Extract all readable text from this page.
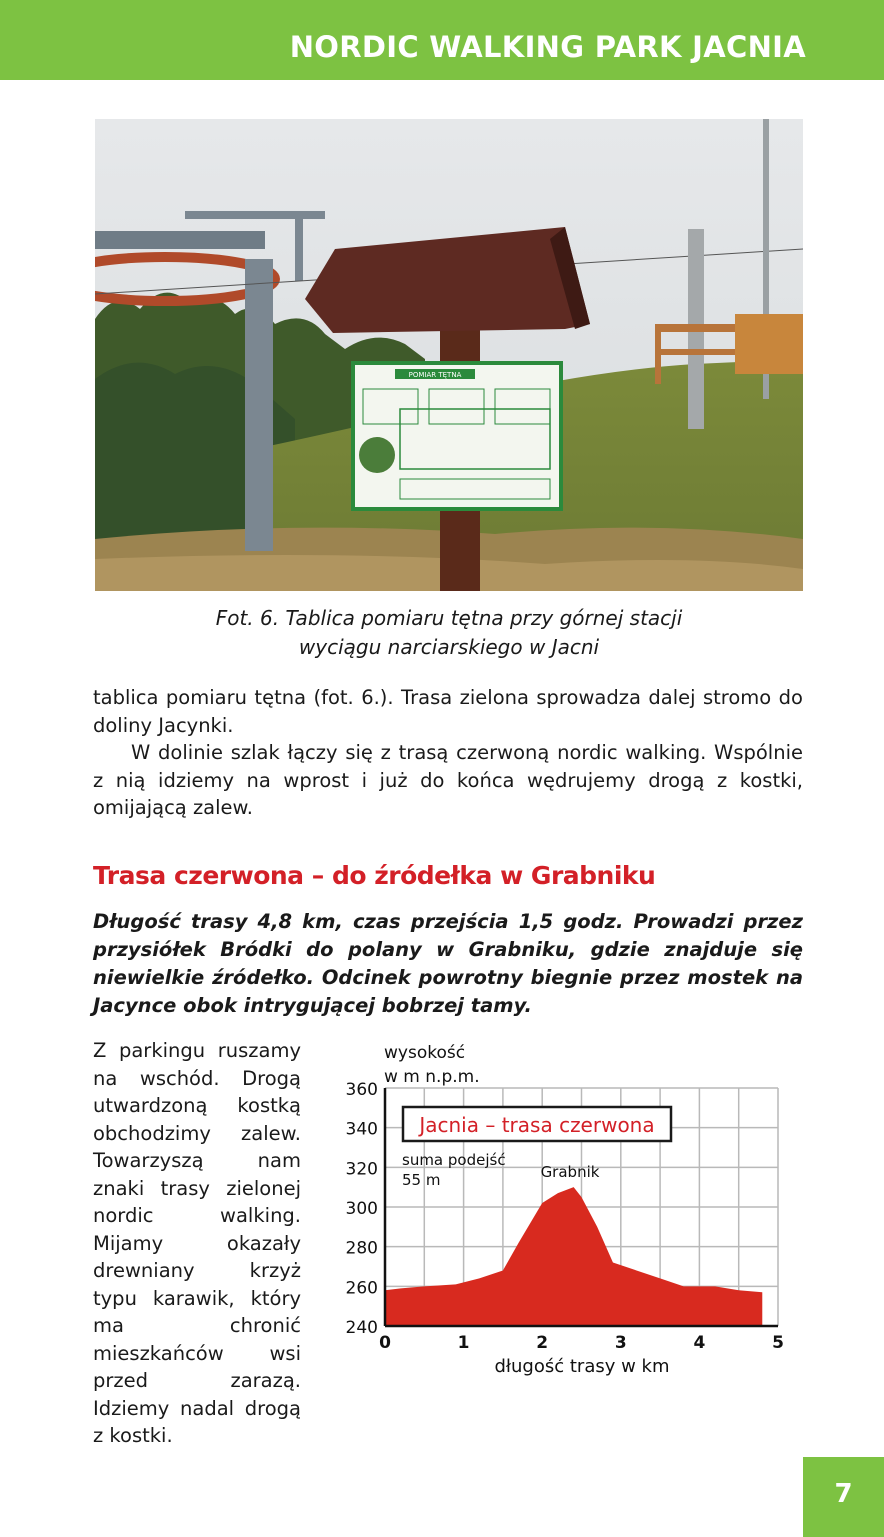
NORDIC WALKING PARK JACNIA
POMIAR TĘTNA
Fot. 6. Tablica pomiaru tętna przy górnej stacji
wyciągu narciarskiego w Jacni
tablica pomiaru tętna (fot. 6.). Trasa zielona sprowadza dalej stromo do doliny Jacynki.
W dolinie szlak łączy się z trasą czerwoną nordic walking. Wspólnie z nią idziemy na wprost i już do końca wędrujemy drogą z kostki, omijającą zalew.
Trasa czerwona – do źródełka w Grabniku
Długość trasy 4,8 km, czas przejścia 1,5 godz. Prowadzi przez przysiółek Bródki do polany w Grabniku, gdzie znajduje się niewielkie źródełko. Odcinek powrotny biegnie przez mostek na Jacynce obok intrygującej bobrzej tamy.
Z parkingu ruszamy na wschód. Drogą utwardzoną kostką obchodzimy zalew. Towarzyszą nam znaki trasy zielonej nordic walking. Mijamy okazały drewniany krzyż typu karawik, który ma chronić mieszkańców wsi przed zarazą. Idziemy nadal drogą z kostki.
wysokość
w m n.p.m.
240
260
280
300
320
340
360
0	1	2	3	4	5
Jacnia – trasa czerwona
suma podejść
55 m	Grabnik
długość trasy w km
7
